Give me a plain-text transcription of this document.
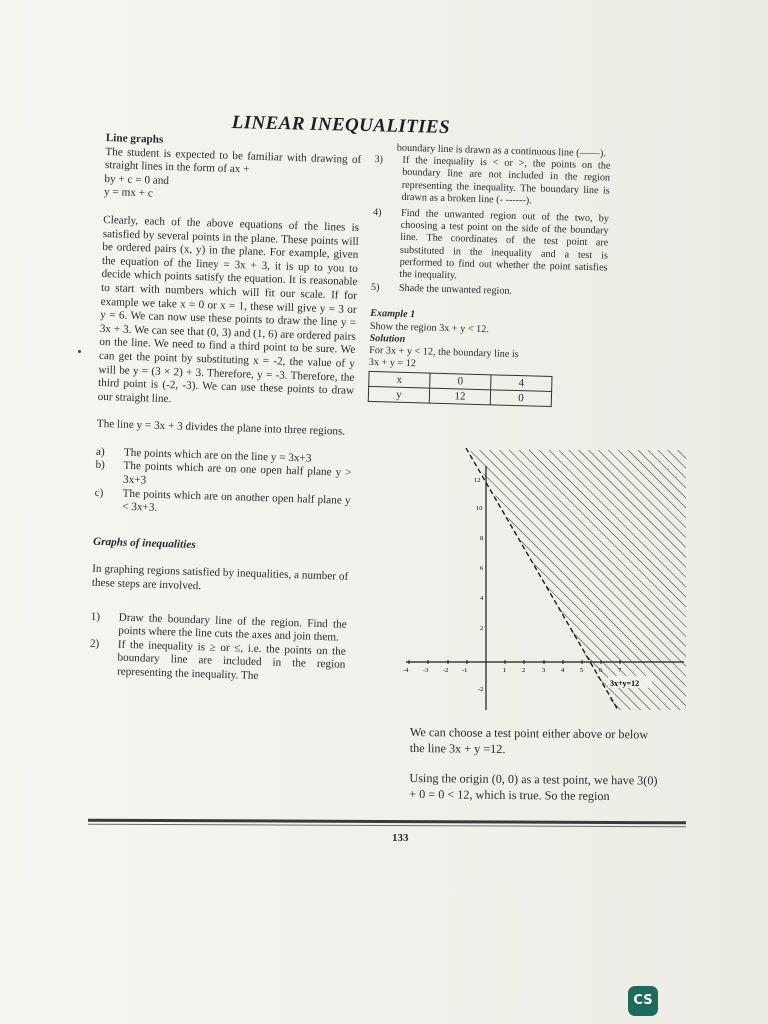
LINEAR INEQUALITIES

Line graphs

The student is expected to be familiar with drawing of straight lines in the form of ax +

by + c = 0 and

y = mx + c

Clearly, each of the above equations of the lines is satisfied by several points in the plane. These points will be ordered pairs (x, y) in the plane. For example, given the equation of the liney = 3x + 3, it is up to you to decide which points satisfy the equation. It is reasonable to start with numbers which will fit our scale. If for example we take x = 0 or x = 1, these will give y = 3 or y = 6. We can now use these points to draw the line y = 3x + 3. We can see that (0, 3) and (1, 6) are ordered pairs on the line. We need to find a third point to be sure. We can get the point by substituting x = -2, the value of y will be y = (3 × 2) + 3. Therefore, y = -3. Therefore, the third point is (-2, -3). We can use these points to draw our straight line.

The line y = 3x + 3 divides the plane into three regions.

a) The points which are on the line y = 3x+3
b) The points which are on one open half plane y > 3x+3
c) The points which are on another open half plane y < 3x+3.

Graphs of inequalities

In graphing regions satisfied by inequalities, a number of these steps are involved.

1) Draw the boundary line of the region. Find the points where the line cuts the axes and join them.
2) If the inequality is ≥ or ≤, i.e. the points on the boundary line are included in the region representing the inequality. The

boundary line is drawn as a continuous line (——).

3) If the inequality is < or >, the points on the boundary line are not included in the region representing the inequality. The boundary line is drawn as a broken line (- ------).
4) Find the unwanted region out of the two, by choosing a test point on the side of the boundary line. The coordinates of the test point are substituted in the inequality and a test is performed to find out whether the point satisfies the inequality.
5) Shade the unwanted region.

Example 1

Show the region 3x + y < 12.

Solution

For 3x + y < 12, the boundary line is

3x + y = 12

x	0	4
y	12	0
12
10
8
6
4
2
-2
-4 -3 -2 -1	1 2	3 4 5 6 7
3x+y=12

We can choose a test point either above or below the line 3x + y =12.

Using the origin (0, 0) as a test point, we have 3(0) + 0 = 0 < 12, which is true. So the region

133

CS
